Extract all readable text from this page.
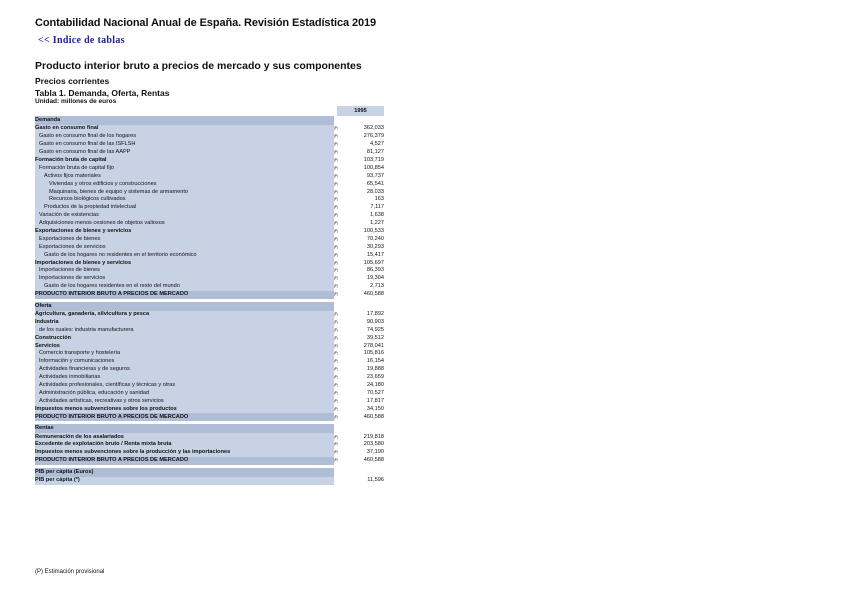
Contabilidad Nacional Anual de España. Revisión Estadística 2019
<< Indice de tablas
Producto interior bruto a precios de mercado y sus componentes
Precios corrientes
Tabla 1. Demanda, Oferta, Rentas
Unidad: millones de euros
		1995
Demanda		
Gasto en consumo final	(P)	362,033
Gasto en consumo final de los hogares	(P)	276,379
Gasto en consumo final de las ISFLSH	(P)	4,527
Gasto en consumo final de las AAPP	(P)	81,127
Formación bruta de capital	(P)	103,719
Formación bruta de capital fijo	(P)	100,854
Activos fijos materiales	(P)	93,737
Viviendas y otros edificios y construcciones	(P)	65,541
Maquinaria, bienes de equipo y sistemas de armamento	(P)	28,033
Recursos biológicos cultivados	(P)	163
Productos de la propiedad intelectual	(P)	7,117
Variación de existencias	(P)	1,638
Adquisiciones menos cesiones de objetos valiosos	(P)	1,227
Exportaciones de bienes y servicios	(P)	100,533
Exportaciones de bienes	(P)	70,240
Exportaciones de servicios	(P)	30,293
Gasto de los hogares no residentes en el territorio económico	(P)	15,417
Importaciones de bienes y servicios	(P)	105,697
Importaciones de bienes	(P)	86,393
Importaciones de servicios	(P)	19,304
Gasto de los hogares residentes en el resto del mundo	(P)	2,713
PRODUCTO INTERIOR BRUTO A PRECIOS DE MERCADO	(P)	460,588

Oferta		
Agricultura, ganadería, silvicultura y pesca	(P)	17,892
Industria	(P)	90,903
de los cuales: industria manufacturera	(P)	74,925
Construcción	(P)	39,512
Servicios	(P)	278,041
Comercio transporte y hostelería	(P)	105,816
Información y comunicaciones	(P)	16,154
Actividades financieras y de seguros	(P)	19,888
Actividades inmobiliarias	(P)	23,659
Actividades profesionales, científicas y técnicas y otras	(P)	24,180
Administración pública, educación y sanidad	(P)	70,527
Actividades artísticas, recreativas y otros servicios	(P)	17,817
Impuestos menos subvenciones sobre los productos	(P)	34,150
PRODUCTO INTERIOR BRUTO A PRECIOS DE MERCADO	(P)	460,588

Rentas		
Remuneración de los asalariados	(P)	219,818
Excedente de explotación bruto / Renta mixta bruta	(P)	203,580
Impuestos menos subvenciones sobre la producción y las importaciones	(P)	37,190
PRODUCTO INTERIOR BRUTO A PRECIOS DE MERCADO	(P)	460,588

PIB per cápita (Euros)		
PIB per cápita (*)		11,596
(P) Estimación provisional
